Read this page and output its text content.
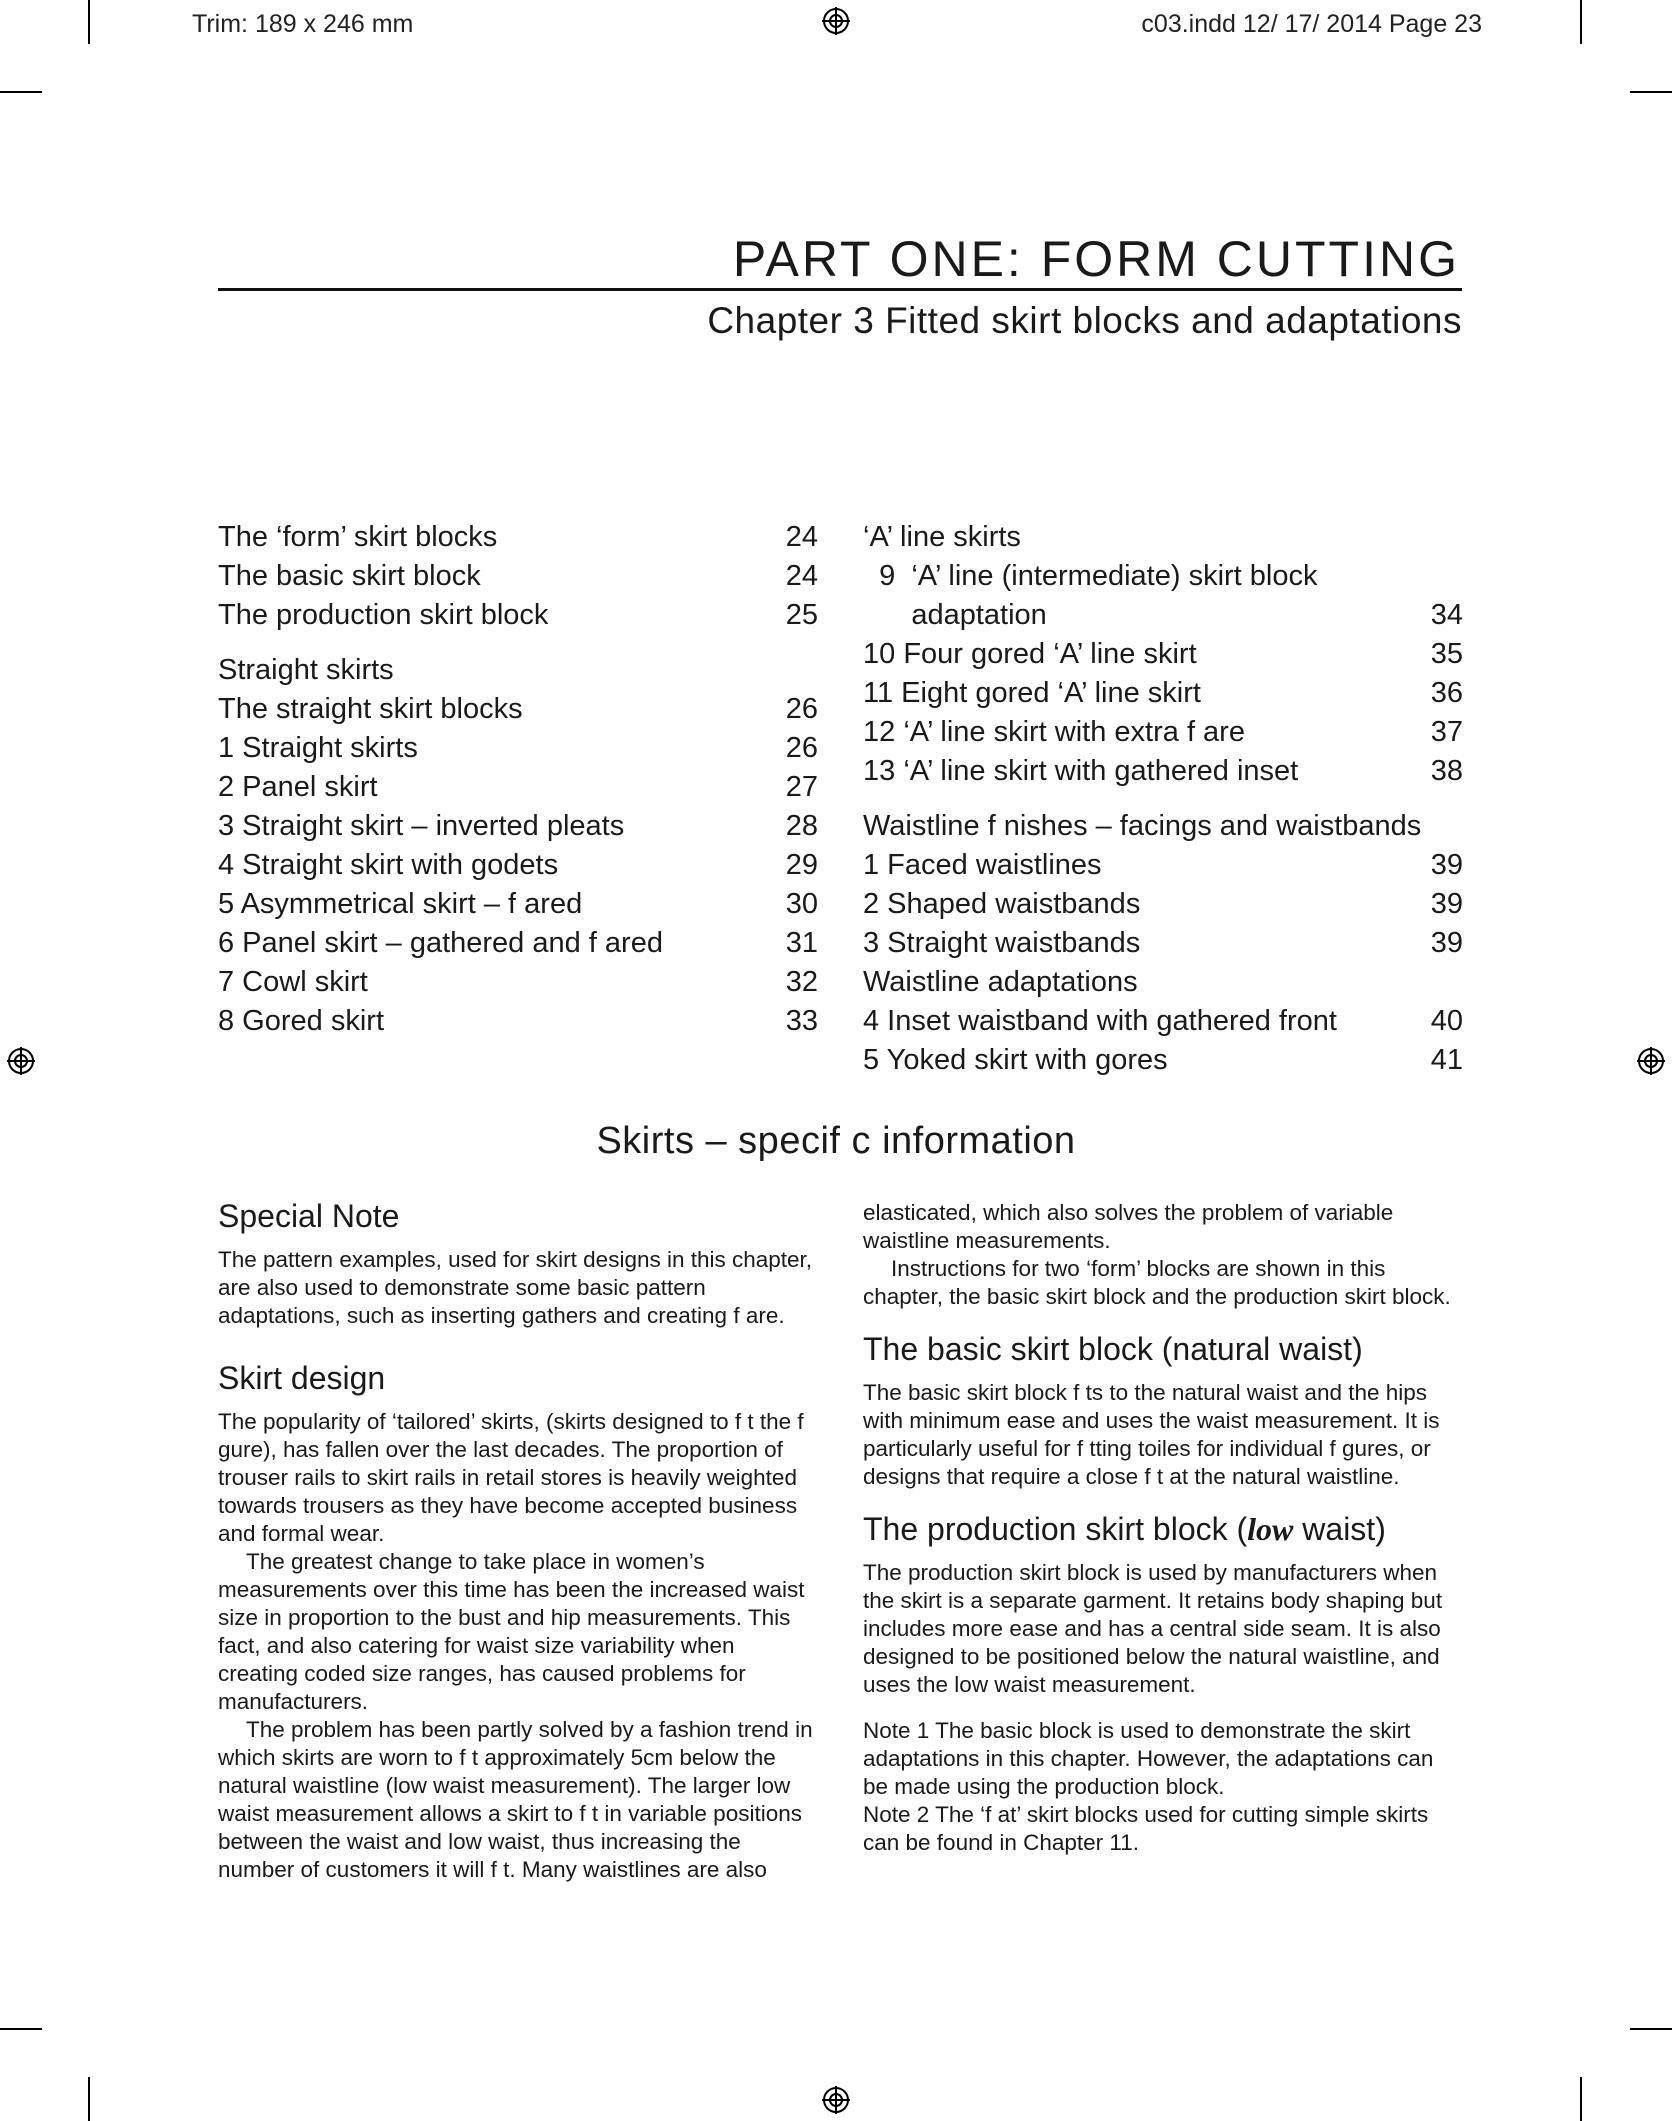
Trim: 189 x 246 mm	c03.indd 12/ 17/ 2014 Page 23
PART ONE: FORM CUTTING
Chapter 3 Fitted skirt blocks and adaptations
The ‘form’ skirt blocks	24
The basic skirt block	24
The production skirt block	25
Straight skirts
The straight skirt blocks	26
1 Straight skirts	26
2 Panel skirt	27
3 Straight skirt – inverted pleats	28
4 Straight skirt with godets	29
5 Asymmetrical skirt – f ared	30
6 Panel skirt – gathered and f ared	31
7 Cowl skirt	32
8 Gored skirt	33
‘A’ line skirts
9  ‘A’ line (intermediate) skirt block
adaptation	34
10 Four gored ‘A’ line skirt	35
11 Eight gored ‘A’ line skirt	36
12 ‘A’ line skirt with extra f are	37
13 ‘A’ line skirt with gathered inset	38
Waistline f nishes – facings and waistbands
1 Faced waistlines	39
2 Shaped waistbands	39
3 Straight waistbands	39
Waistline adaptations
4 Inset waistband with gathered front	40
5 Yoked skirt with gores	41
Skirts – specif c information
Special Note

The pattern examples, used for skirt designs in this chapter, are also used to demonstrate some basic pattern adaptations, such as inserting gathers and creating f are.

Skirt design

The popularity of ‘tailored’ skirts, (skirts designed to f t the f gure), has fallen over the last decades. The proportion of trouser rails to skirt rails in retail stores is heavily weighted towards trousers as they have become accepted business and formal wear.

The greatest change to take place in women’s measurements over this time has been the increased waist size in proportion to the bust and hip measurements. This fact, and also catering for waist size variability when creating coded size ranges, has caused problems for manufacturers.

The problem has been partly solved by a fashion trend in which skirts are worn to f t approximately 5cm below the natural waistline (low waist measurement). The larger low waist measurement allows a skirt to f t in variable positions between the waist and low waist, thus increasing the number of customers it will f t. Many waistlines are also

elasticated, which also solves the problem of variable waistline measurements.

Instructions for two ‘form’ blocks are shown in this chapter, the basic skirt block and the production skirt block.

The basic skirt block (natural waist)

The basic skirt block f ts to the natural waist and the hips with minimum ease and uses the waist measurement. It is particularly useful for f tting toiles for individual f gures, or designs that require a close f t at the natural waistline.

The production skirt block (low waist)

The production skirt block is used by manufacturers when the skirt is a separate garment. It retains body shaping but includes more ease and has a central side seam. It is also designed to be positioned below the natural waistline, and uses the low waist measurement.

Note 1 The basic block is used to demonstrate the skirt adaptations in this chapter. However, the adaptations can be made using the production block.

Note 2 The ‘f at’ skirt blocks used for cutting simple skirts can be found in Chapter 11.
